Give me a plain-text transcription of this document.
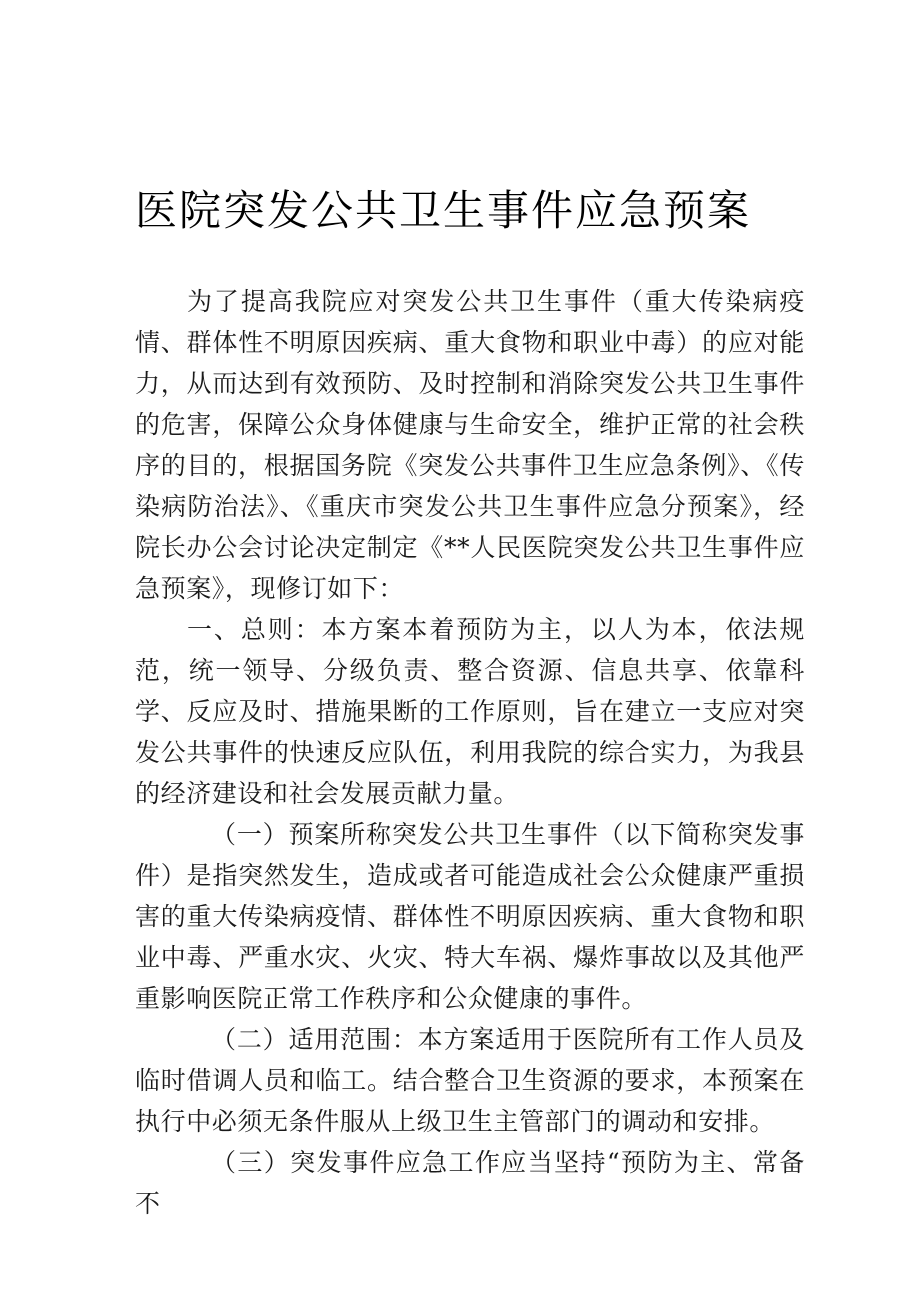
医院突发公共卫生事件应急预案

为了提高我院应对突发公共卫生事件（重大传染病疫情、群体性不明原因疾病、重大食物和职业中毒）的应对能力，从而达到有效预防、及时控制和消除突发公共卫生事件的危害，保障公众身体健康与生命安全，维护正常的社会秩序的目的，根据国务院《突发公共事件卫生应急条例》、《传染病防治法》、《重庆市突发公共卫生事件应急分预案》，经院长办公会讨论决定制定《**人民医院突发公共卫生事件应急预案》，现修订如下：

一、总则：本方案本着预防为主，以人为本，依法规范，统一领导、分级负责、整合资源、信息共享、依靠科学、反应及时、措施果断的工作原则，旨在建立一支应对突发公共事件的快速反应队伍，利用我院的综合实力，为我县的经济建设和社会发展贡献力量。

（一）预案所称突发公共卫生事件（以下简称突发事件）是指突然发生，造成或者可能造成社会公众健康严重损害的重大传染病疫情、群体性不明原因疾病、重大食物和职业中毒、严重水灾、火灾、特大车祸、爆炸事故以及其他严重影响医院正常工作秩序和公众健康的事件。

（二）适用范围：本方案适用于医院所有工作人员及临时借调人员和临工。结合整合卫生资源的要求，本预案在执行中必须无条件服从上级卫生主管部门的调动和安排。

（三）突发事件应急工作应当坚持“预防为主、常备不
